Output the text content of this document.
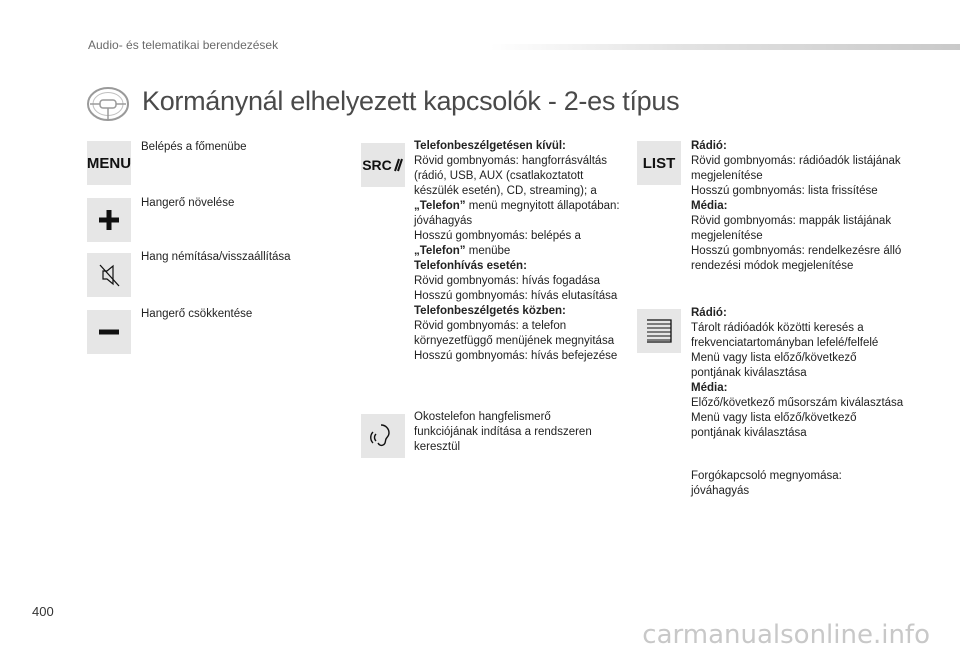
Audio- és telematikai berendezések
Kormánynál elhelyezett kapcsolók - 2-es típus
MENU
Belépés a főmenübe
Hangerő növelése
Hang némítása/visszaállítása
Hangerő csökkentése
SRC

Telefonbeszélgetésen kívül:

Rövid gombnyomás: hangforrásváltás (rádió, USB, AUX (csatlakoztatott készülék esetén), CD, streaming); a „Telefon” menü megnyitott állapotában: jóváhagyás

Hosszú gombnyomás: belépés a „Telefon” menübe

Telefonhívás esetén:

Rövid gombnyomás: hívás fogadása

Hosszú gombnyomás: hívás elutasítása

Telefonbeszélgetés közben:

Rövid gombnyomás: a telefon környezetfüggő menüjének megnyitása

Hosszú gombnyomás: hívás befejezése

Okostelefon hangfelismerő funkciójának indítása a rendszeren keresztül
LIST

Rádió:

Rövid gombnyomás: rádióadók listájának megjelenítése

Hosszú gombnyomás: lista frissítése

Média:

Rövid gombnyomás: mappák listájának megjelenítése

Hosszú gombnyomás: rendelkezésre álló rendezési módok megjelenítése

Rádió:

Tárolt rádióadók közötti keresés a frekvenciatartományban lefelé/felfelé

Menü vagy lista előző/következő pontjának kiválasztása

Média:

Előző/következő műsorszám kiválasztása

Menü vagy lista előző/következő pontjának kiválasztása

Forgókapcsoló megnyomása: jóváhagyás
400
carmanualsonline.info
